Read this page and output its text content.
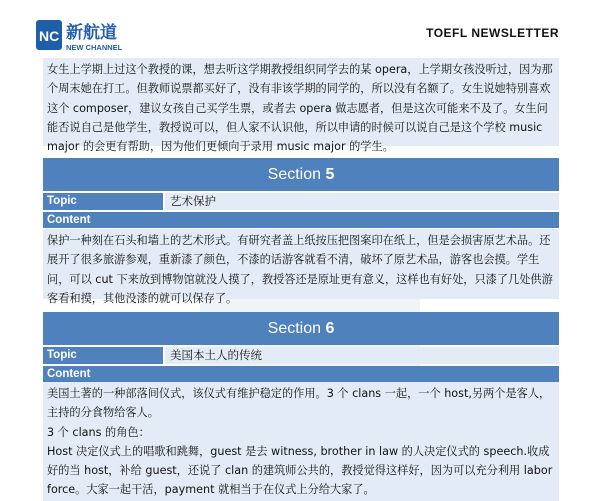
NC 新航道
NEW CHANNEL
TOEFL NEWSLETTER
女生上学期上过这个教授的课，想去听这学期教授组织同学去的某 opera，上学期女孩没听过，因为那个周末她在打工。但教师说票都买好了，没有非该学期的同学的，所以没有名额了。女生说她特别喜欢这个 composer，建议女孩自己买学生票，或者去 opera 做志愿者，但是这次可能来不及了。女生问能否说自己是他学生，教授说可以，但人家不认识他，所以申请的时候可以说自己是这个学校 music major 的会更有帮助，因为他们更倾向于录用 music major 的学生。
Section 5
Topic	艺术保护
Content

保护一种刻在石头和墙上的艺术形式。有研究者盖上纸按压把图案印在纸上，但是会损害原艺术品。还展开了很多旅游参观，重新漆了颜色，不漆的话游客就看不清，破坏了原艺术品，游客也会摸。学生问，可以 cut 下来放到博物馆就没人摸了，教授答还是原址更有意义，这样也有好处，只漆了几处供游客看和摸，其他没漆的就可以保存了。

Section 6
Topic	美国本土人的传统
Content

美国土著的一种部落间仪式，该仪式有维护稳定的作用。3 个 clans 一起，一个 host,另两个是客人，主持的分食物给客人。

3 个 clans 的角色：

Host 决定仪式上的唱歌和跳舞，guest 是去 witness, brother in law 的人决定仪式的 speech.收成好的当 host，补给 guest，还说了 clan 的建筑师公共的，教授觉得这样好，因为可以充分利用 labor force。大家一起干活，payment 就相当于在仪式上分给大家了。
